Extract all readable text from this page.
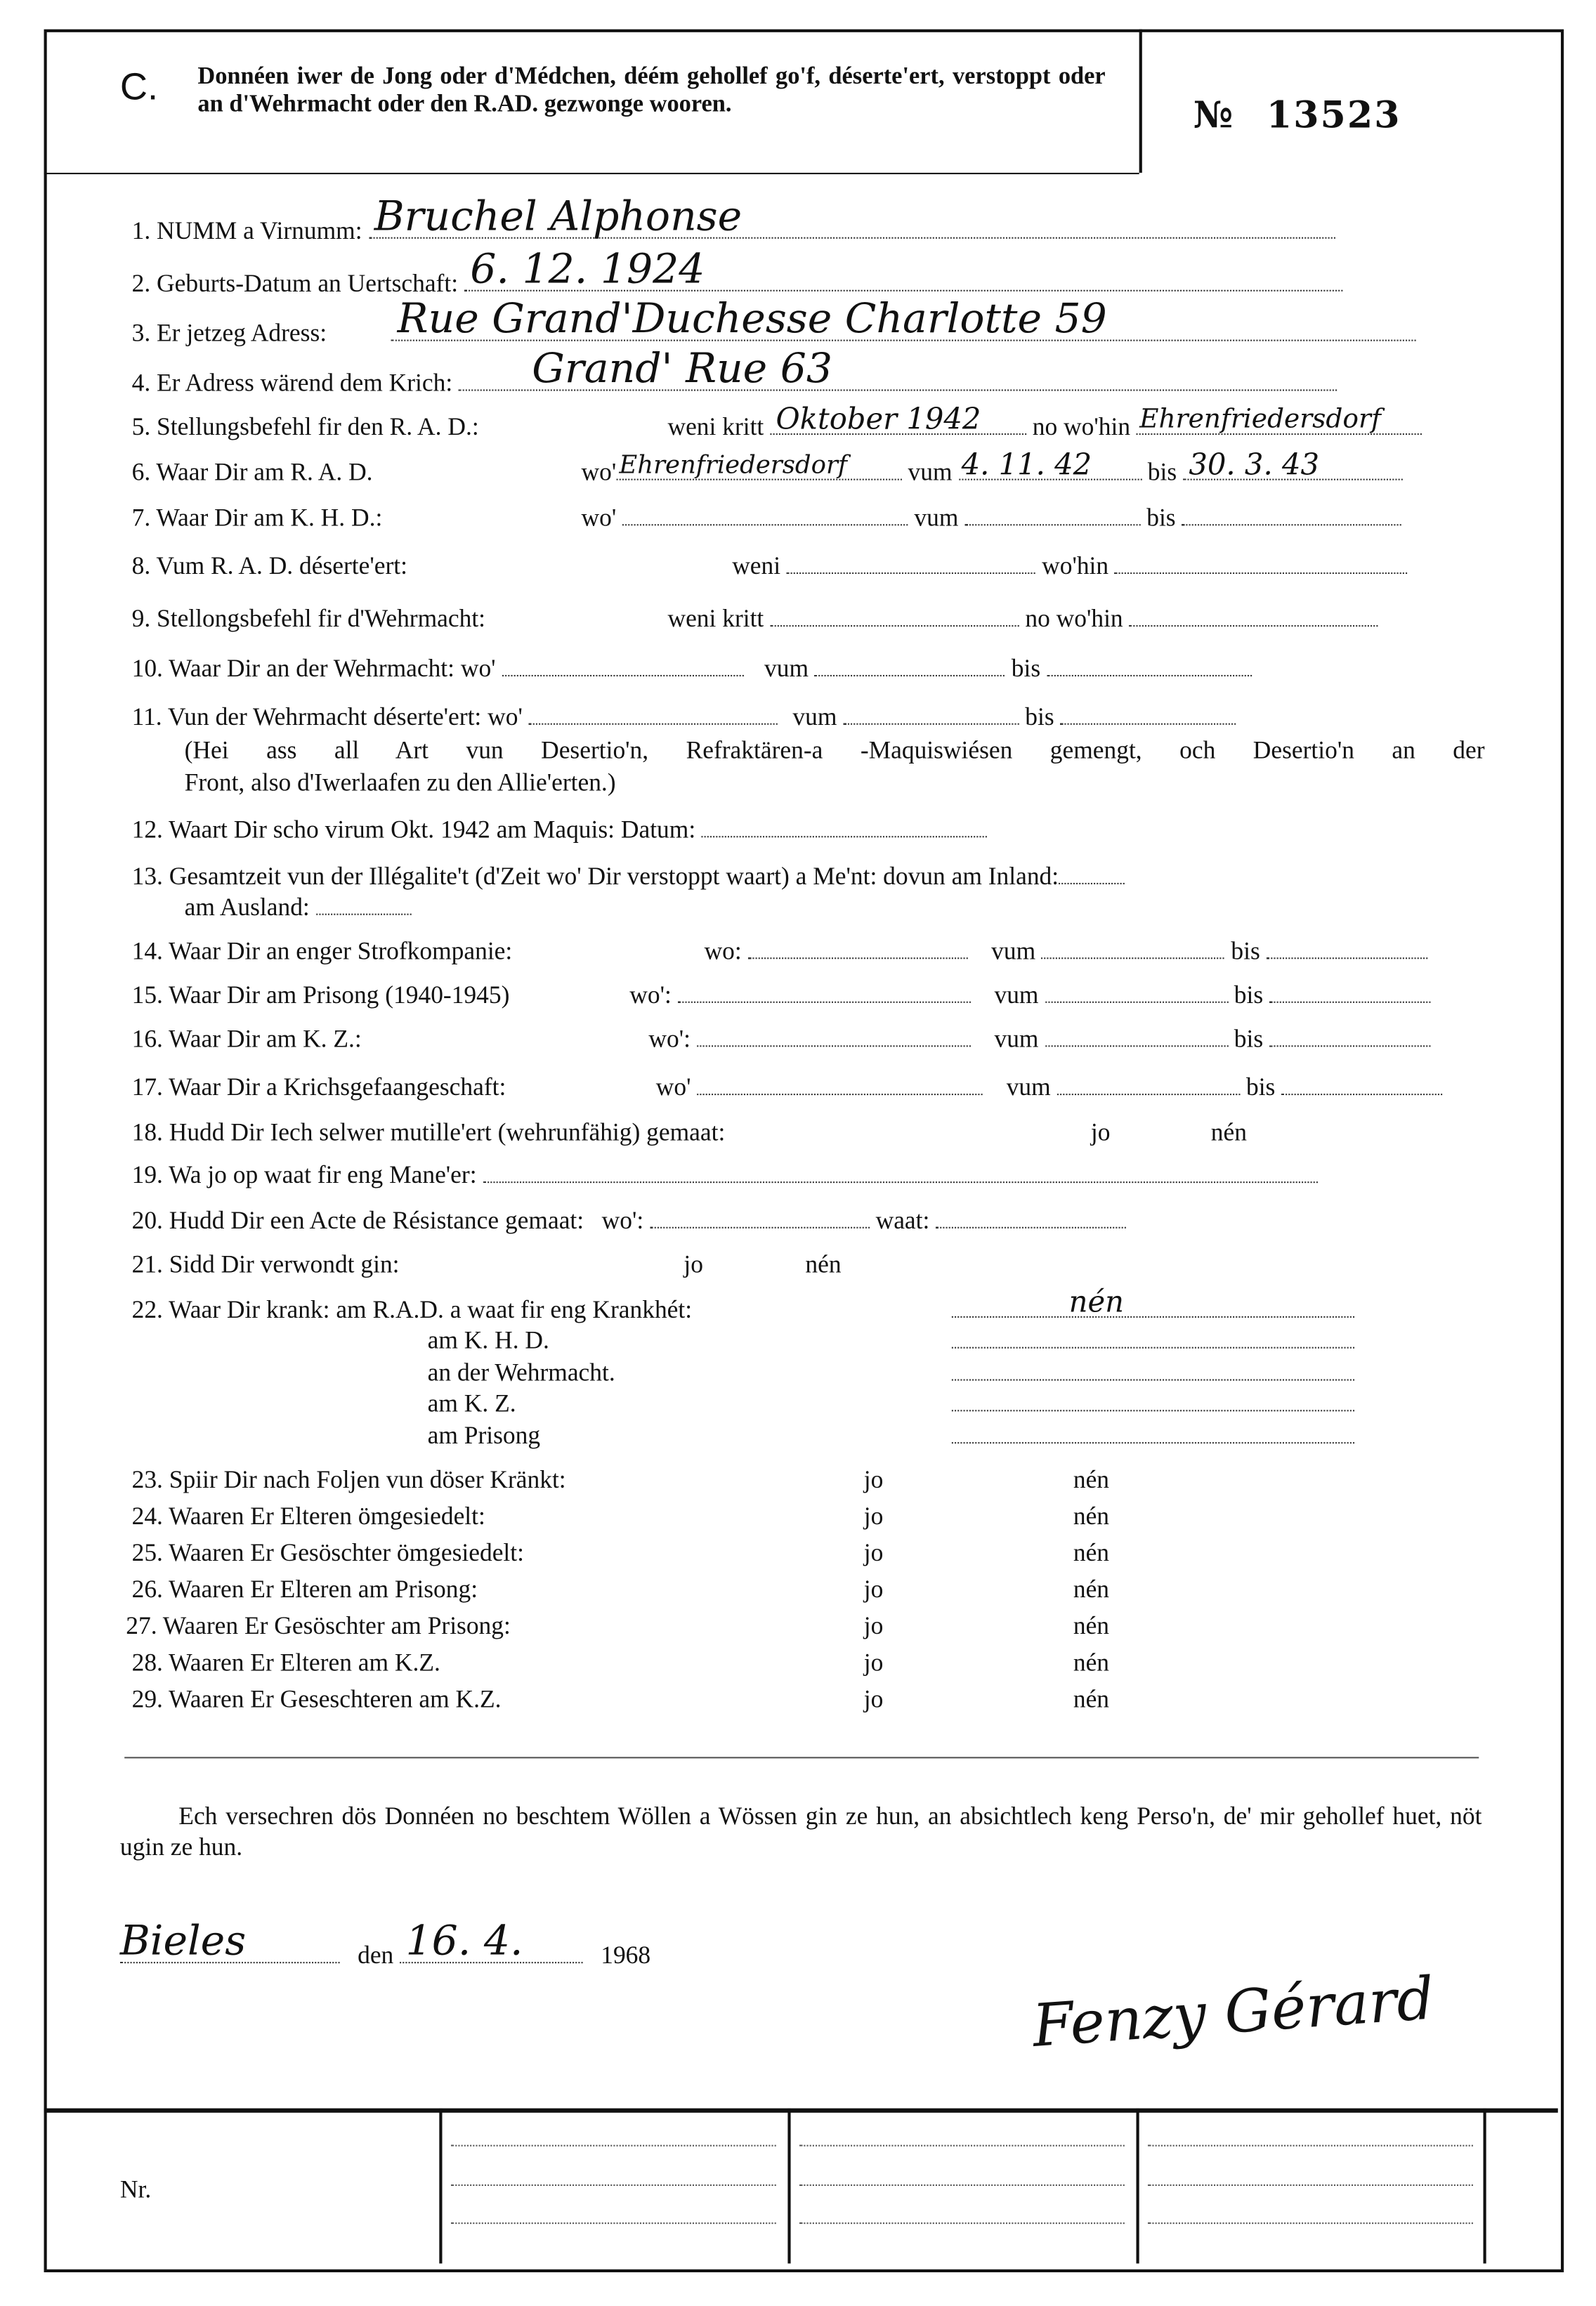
C.	Donnéen iwer de Jong oder d'Médchen, déém gehollef go'f, déserte'ert, verstoppt oder an d'Wehrmacht oder den R.AD. gezwonge wooren.	№ 13523
1. NUMM a Virnumm: Bruchel Alphonse
2. Geburts-Datum an Uertschaft: 6. 12. 1924
3. Er jetzeg Adress:	Rue Grand'Duchesse Charlotte 59
4. Er Adress wärend dem Krich:	Grand' Rue 63
5. Stellungsbefehl fir den R. A. D.:	weni kritt Oktober 1942	no wo'hin Ehrenfriedersdorf
6. Waar Dir am R. A. D.	wo' Ehrenfriedersdorf	vum 4. 11. 42	bis 30. 3. 43
7. Waar Dir am K. H. D.:	wo'	vum	bis
8. Vum R. A. D. déserte'ert:	weni	wo'hin
9. Stellongsbefehl fir d'Wehrmacht:	weni kritt	no wo'hin
10. Waar Dir an der Wehrmacht: wo'	vum	bis
11. Vun der Wehrmacht déserte'ert: wo'	vum	bis
(Hei ass all Art vun Desertio'n, Refraktären-a -Maquiswiésen gemengt, och Desertio'n an der
Front, also d'Iwerlaafen zu den Allie'erten.)
12. Waart Dir scho virum Okt. 1942 am Maquis: Datum:
13. Gesamtzeit vun der Illégalite't (d'Zeit wo' Dir verstoppt waart) a Me'nt: dovun am Inland:
am Ausland:
14. Waar Dir an enger Strofkompanie:	wo:	vum	bis
15. Waar Dir am Prisong (1940-1945)	wo':	vum	bis
16. Waar Dir am K. Z.:	wo':	vum	bis
17. Waar Dir a Krichsgefaangeschaft:	wo'	vum	bis
18. Hudd Dir Iech selwer mutille'ert (wehrunfähig) gemaat:	jo	nén
19. Wa jo op waat fir eng Mane'er:
20. Hudd Dir een Acte de Résistance gemaat: wo':	waat:
21. Sidd Dir verwondt gin:	jo	nén
22. Waar Dir krank: am R.A.D. a waat fir eng Krankhét:	nén
am K. H. D.
an der Wehrmacht.
am K. Z.
am Prisong
23. Spiir Dir nach Foljen vun döser Kränkt:	jo	nén
24. Waaren Er Elteren ömgesiedelt:	jo	nén
25. Waaren Er Gesöschter ömgesiedelt:	jo	nén
26. Waaren Er Elteren am Prisong:	jo	nén
27. Waaren Er Gesöschter am Prisong:	jo	nén
28. Waaren Er Elteren am K.Z.	jo	nén
29. Waaren Er Geseschteren am K.Z.	jo	nén
Ech versechren dös Donnéen no beschtem Wöllen a Wössen gin ze hun, an absichtlech keng Perso'n, de' mir gehollef huet, nöt ugin ze hun.
Bieles	den 16. 4.	1968
Fenzy Gérard
Nr.
